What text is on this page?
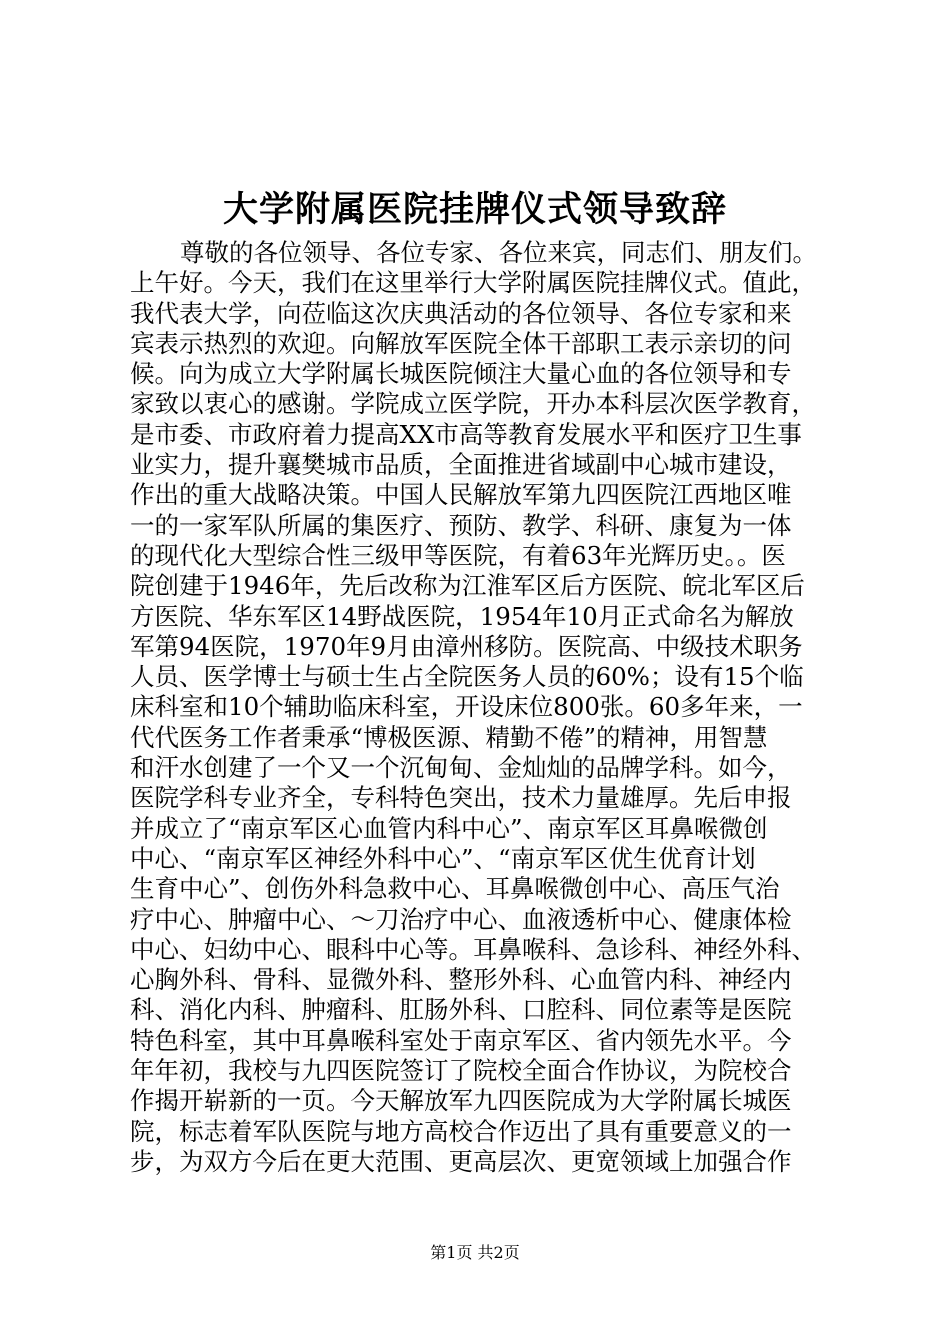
大学附属医院挂牌仪式领导致辞
尊敬的各位领导、各位专家、各位来宾，同志们、朋友们。
上午好。今天，我们在这里举行大学附属医院挂牌仪式。值此，
我代表大学，向莅临这次庆典活动的各位领导、各位专家和来
宾表示热烈的欢迎。向解放军医院全体干部职工表示亲切的问
候。向为成立大学附属长城医院倾注大量心血的各位领导和专
家致以衷心的感谢。学院成立医学院，开办本科层次医学教育，
是市委、市政府着力提高XX市高等教育发展水平和医疗卫生事
业实力，提升襄樊城市品质，全面推进省域副中心城市建设，
作出的重大战略决策。中国人民解放军第九四医院江西地区唯
一的一家军队所属的集医疗、预防、教学、科研、康复为一体
的现代化大型综合性三级甲等医院，有着63年光辉历史。。医
院创建于1946年，先后改称为江淮军区后方医院、皖北军区后
方医院、华东军区14野战医院，1954年10月正式命名为解放
军第94医院，1970年9月由漳州移防。医院高、中级技术职务
人员、医学博士与硕士生占全院医务人员的60%；设有15个临
床科室和10个辅助临床科室，开设床位800张。60多年来，一
代代医务工作者秉承“博极医源、精勤不倦”的精神，用智慧
和汗水创建了一个又一个沉甸甸、金灿灿的品牌学科。如今，
医院学科专业齐全，专科特色突出，技术力量雄厚。先后申报
并成立了“南京军区心血管内科中心”、南京军区耳鼻喉微创
中心、“南京军区神经外科中心”、“南京军区优生优育计划
生育中心”、创伤外科急救中心、耳鼻喉微创中心、高压气治
疗中心、肿瘤中心、～刀治疗中心、血液透析中心、健康体检
中心、妇幼中心、眼科中心等。耳鼻喉科、急诊科、神经外科、
心胸外科、骨科、显微外科、整形外科、心血管内科、神经内
科、消化内科、肿瘤科、肛肠外科、口腔科、同位素等是医院
特色科室，其中耳鼻喉科室处于南京军区、省内领先水平。今
年年初，我校与九四医院签订了院校全面合作协议，为院校合
作揭开崭新的一页。今天解放军九四医院成为大学附属长城医
院，标志着军队医院与地方高校合作迈出了具有重要意义的一
步，为双方今后在更大范围、更高层次、更宽领域上加强合作
第1页 共2页
